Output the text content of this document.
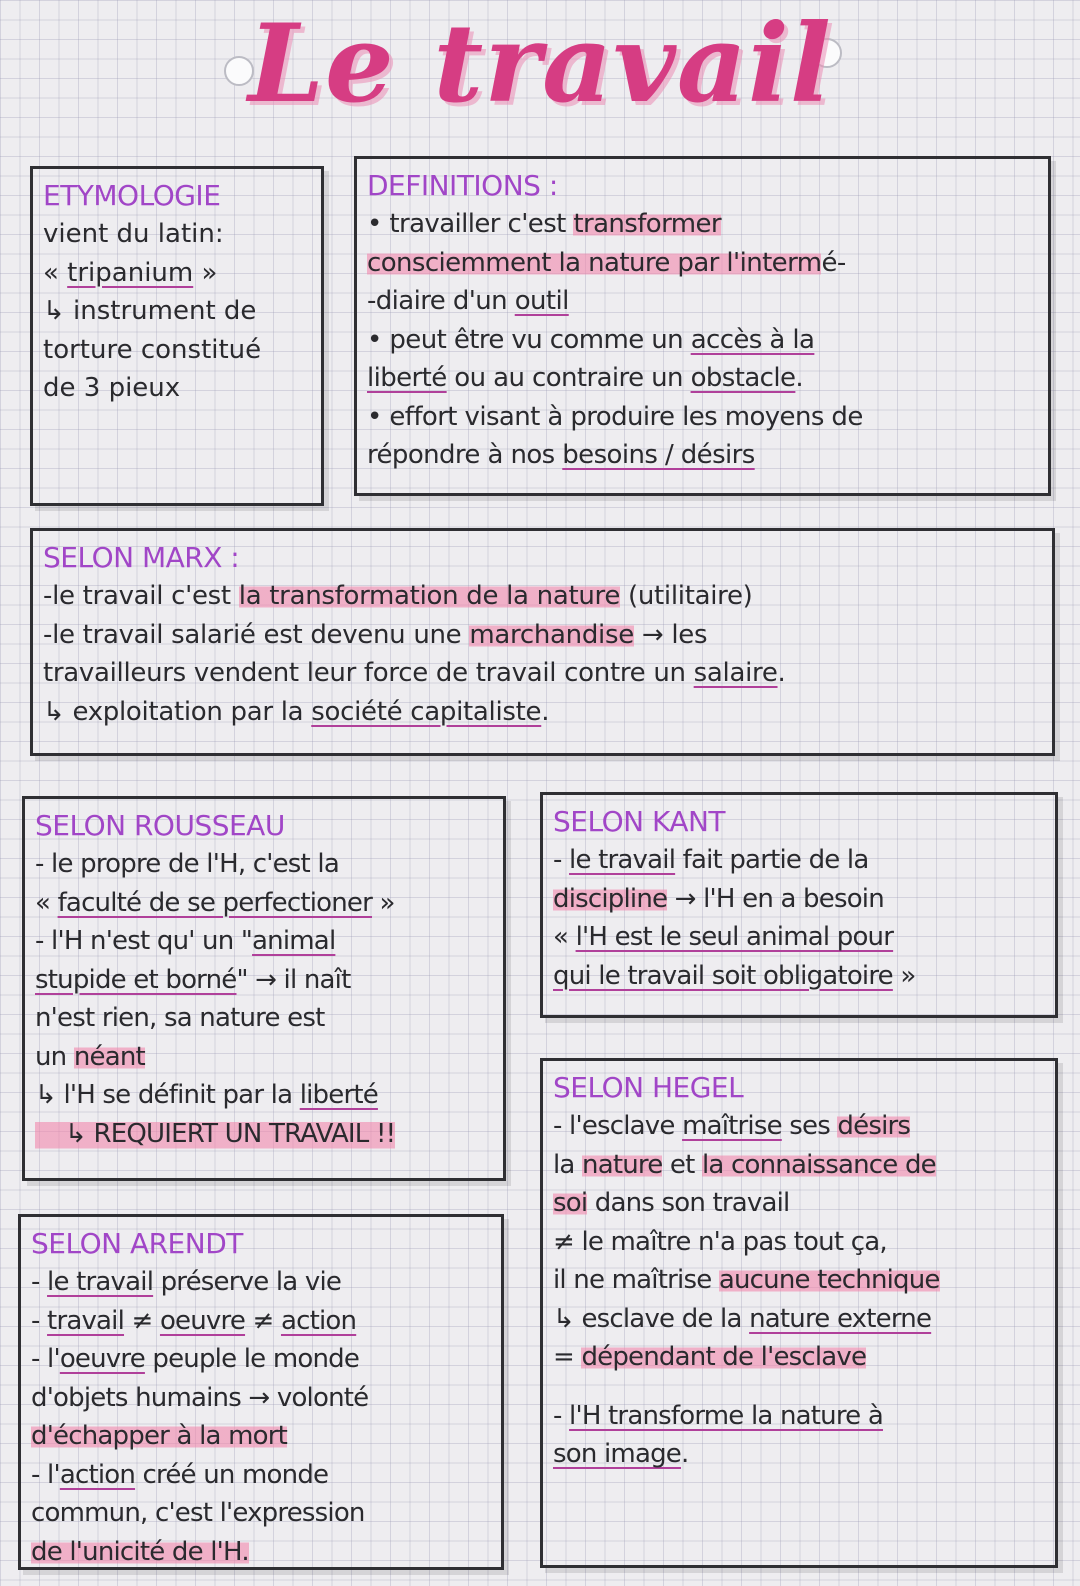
Le travail
ETYMOLOGIE
vient du latin:
« tripanium »
↳ instrument de
torture constitué
de 3 pieux
DEFINITIONS :
• travailler c'est transformer
consciemment la nature par l'intermé-
-diaire d'un outil
• peut être vu comme un accès à la
liberté ou au contraire un obstacle.
• effort visant à produire les moyens de
répondre à nos besoins / désirs
SELON MARX :
-le travail c'est la transformation de la nature (utilitaire)
-le travail salarié est devenu une marchandise → les
travailleurs vendent leur force de travail contre un salaire.
↳ exploitation par la société capitaliste.
SELON ROUSSEAU
- le propre de l'H, c'est la
« faculté de se perfectioner »
- l'H n'est qu' un "animal
stupide et borné" → il naît
n'est rien, sa nature est
un néant
↳ l'H se définit par la liberté
↳ REQUIERT UN TRAVAIL !!
SELON KANT
- le travail fait partie de la
discipline → l'H en a besoin
« l'H est le seul animal pour
qui le travail soit obligatoire »
SELON HEGEL
- l'esclave maîtrise ses désirs
la nature et la connaissance de
soi dans son travail
≠ le maître n'a pas tout ça,
il ne maîtrise aucune technique
↳ esclave de la nature externe
= dépendant de l'esclave
- l'H transforme la nature à
son image.
SELON ARENDT
- le travail préserve la vie
- travail ≠ oeuvre ≠ action
- l'oeuvre peuple le monde
d'objets humains → volonté
d'échapper à la mort
- l'action créé un monde
commun, c'est l'expression
de l'unicité de l'H.
